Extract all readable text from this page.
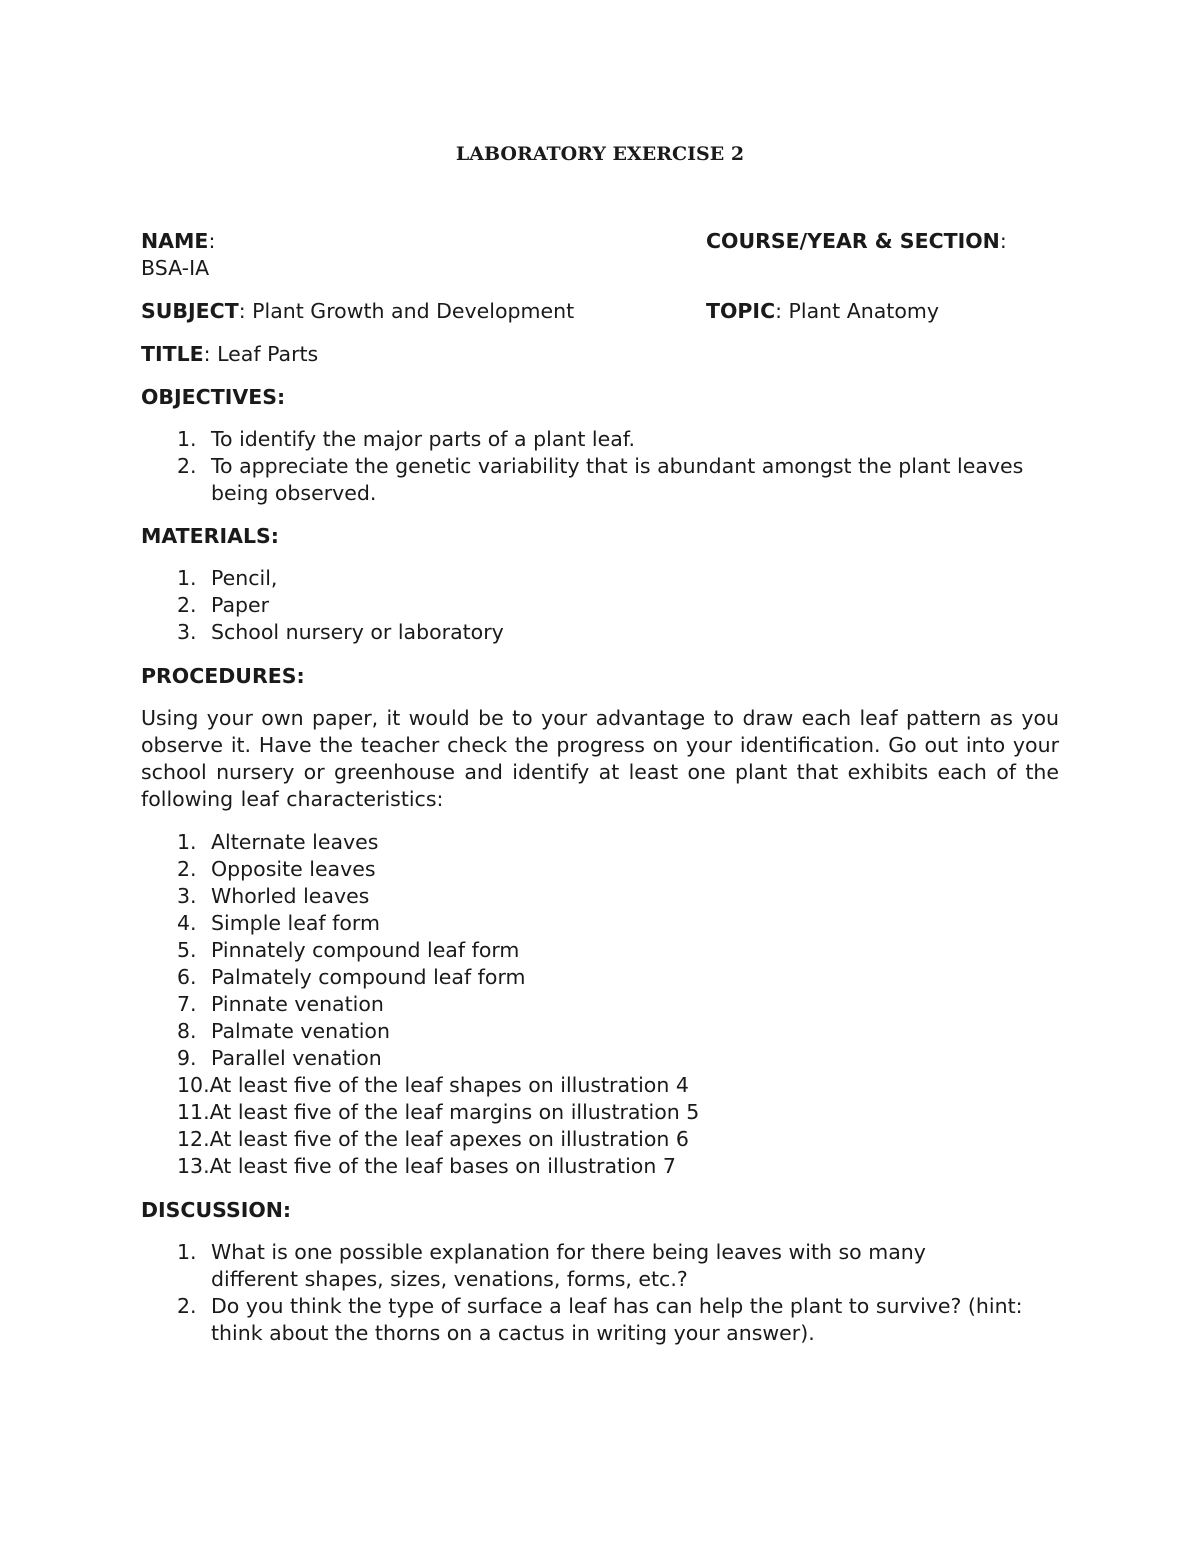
LABORATORY EXERCISE 2
NAME:	COURSE/YEAR & SECTION:
BSA-IA
SUBJECT: Plant Growth and Development	TOPIC: Plant Anatomy
TITLE: Leaf Parts

OBJECTIVES:

1. To identify the major parts of a plant leaf.
2. To appreciate the genetic variability that is abundant amongst the plant leaves being observed.

MATERIALS:

1. Pencil,
2. Paper
3. School nursery or laboratory

PROCEDURES:

Using your own paper, it would be to your advantage to draw each leaf pattern as you observe it. Have the teacher check the progress on your identification. Go out into your school nursery or greenhouse and identify at least one plant that exhibits each of the following leaf characteristics:

1. Alternate leaves
2. Opposite leaves
3. Whorled leaves
4. Simple leaf form
5. Pinnately compound leaf form
6. Palmately compound leaf form
7. Pinnate venation
8. Palmate venation
9. Parallel venation
10.At least five of the leaf shapes on illustration 4
11.At least five of the leaf margins on illustration 5
12.At least five of the leaf apexes on illustration 6
13.At least five of the leaf bases on illustration 7

DISCUSSION:

1. What is one possible explanation for there being leaves with so many different shapes, sizes, venations, forms, etc.?
2. Do you think the type of surface a leaf has can help the plant to survive? (hint: think about the thorns on a cactus in writing your answer).
